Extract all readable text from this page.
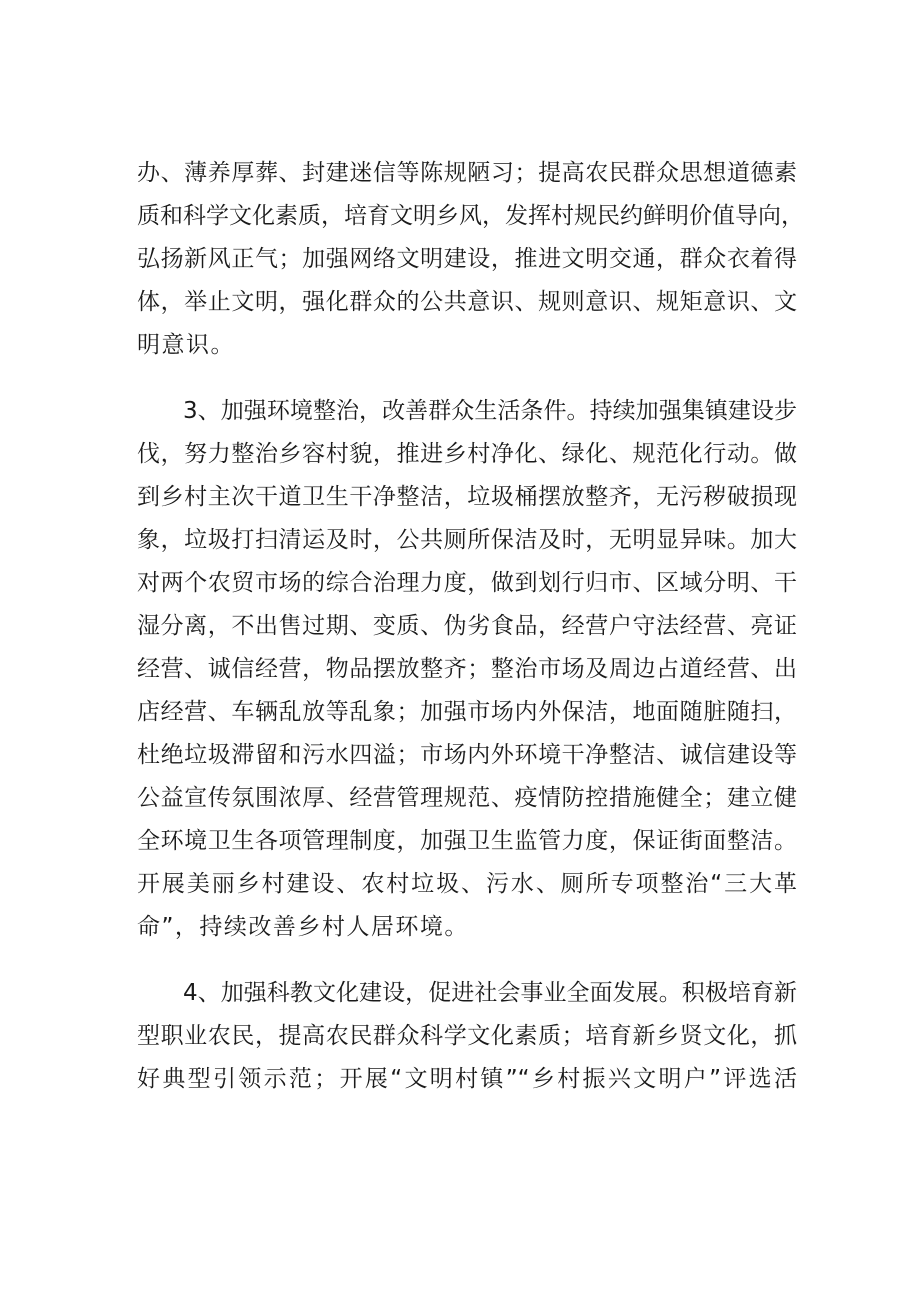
办、薄养厚葬、封建迷信等陈规陋习；提高农民群众思想道德素
质和科学文化素质，培育文明乡风，发挥村规民约鲜明价值导向，
弘扬新风正气；加强网络文明建设，推进文明交通，群众衣着得
体，举止文明，强化群众的公共意识、规则意识、规矩意识、文
明意识。
3、加强环境整治，改善群众生活条件。持续加强集镇建设步
伐，努力整治乡容村貌，推进乡村净化、绿化、规范化行动。做
到乡村主次干道卫生干净整洁，垃圾桶摆放整齐，无污秽破损现
象，垃圾打扫清运及时，公共厕所保洁及时，无明显异味。加大
对两个农贸市场的综合治理力度，做到划行归市、区域分明、干
湿分离，不出售过期、变质、伪劣食品，经营户守法经营、亮证
经营、诚信经营，物品摆放整齐；整治市场及周边占道经营、出
店经营、车辆乱放等乱象；加强市场内外保洁，地面随脏随扫，
杜绝垃圾滞留和污水四溢；市场内外环境干净整洁、诚信建设等
公益宣传氛围浓厚、经营管理规范、疫情防控措施健全；建立健
全环境卫生各项管理制度，加强卫生监管力度，保证街面整洁。
开展美丽乡村建设、农村垃圾、污水、厕所专项整治“三大革
命”，持续改善乡村人居环境。
4、加强科教文化建设，促进社会事业全面发展。积极培育新
型职业农民，提高农民群众科学文化素质；培育新乡贤文化，抓
好典型引领示范；开展“文明村镇”“乡村振兴文明户”评选活
